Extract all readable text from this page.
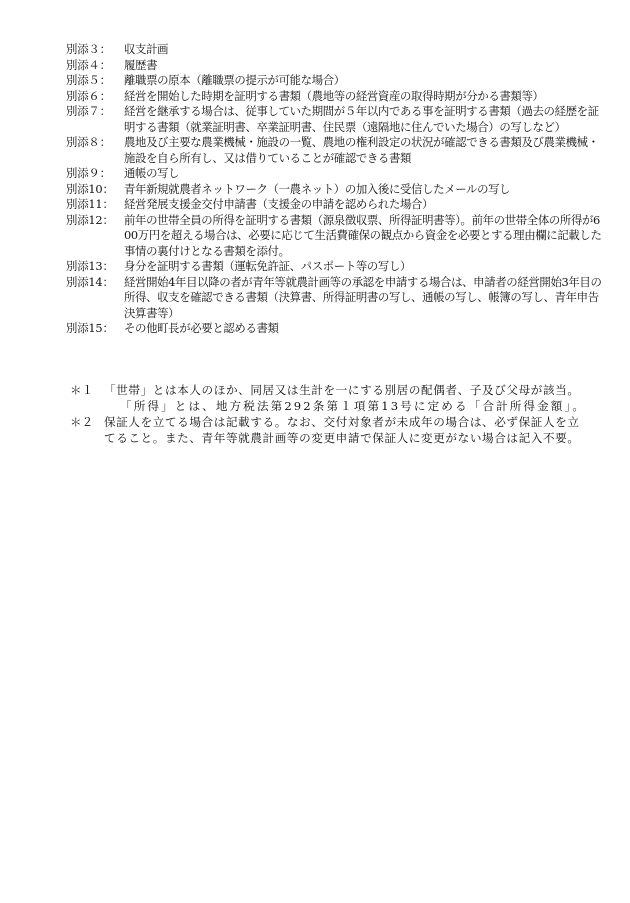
別添３：	収支計画
別添４：	履歴書
別添５：	離職票の原本（離職票の提示が可能な場合）
別添６：	経営を開始した時期を証明する書類（農地等の経営資産の取得時期が分かる書類等）
別添７：	経営を継承する場合は、従事していた期間が５年以内である事を証明する書類（過去の経歴を証明する書類（就業証明書、卒業証明書、住民票（遠隔地に住んでいた場合）の写しなど）
別添８：	農地及び主要な農業機械・施設の一覧、農地の権利設定の状況が確認できる書類及び農業機械・施設を自ら所有し、又は借りていることが確認できる書類
別添９：	通帳の写し
別添10： 青年新規就農者ネットワーク（一農ネット）の加入後に受信したメールの写し
別添11： 経営発展支援金交付申請書（支援金の申請を認められた場合）
別添12： 前年の世帯全員の所得を証明する書類（源泉徴収票、所得証明書等）。前年の世帯全体の所得が600万円を超える場合は、必要に応じて生活費確保の観点から資金を必要とする理由欄に記載した事情の裏付けとなる書類を添付。
別添13： 身分を証明する書類（運転免許証、パスポート等の写し）
別添14： 経営開始4年目以降の者が青年等就農計画等の承認を申請する場合は、申請者の経営開始3年目の所得、収支を確認できる書類（決算書、所得証明書の写し、通帳の写し、帳簿の写し、青年申告決算書等）
別添15： その他町長が必要と認める書類
＊１ 「世帯」とは本人のほか、同居又は生計を一にする別居の配偶者、子及び父母が該当。
「所得」とは、地方税法第292条第１項第13号に定める「合計所得金額」。
＊２ 保証人を立てる場合は記載する。なお、交付対象者が未成年の場合は、必ず保証人を立てること。また、青年等就農計画等の変更申請で保証人に変更がない場合は記入不要。
